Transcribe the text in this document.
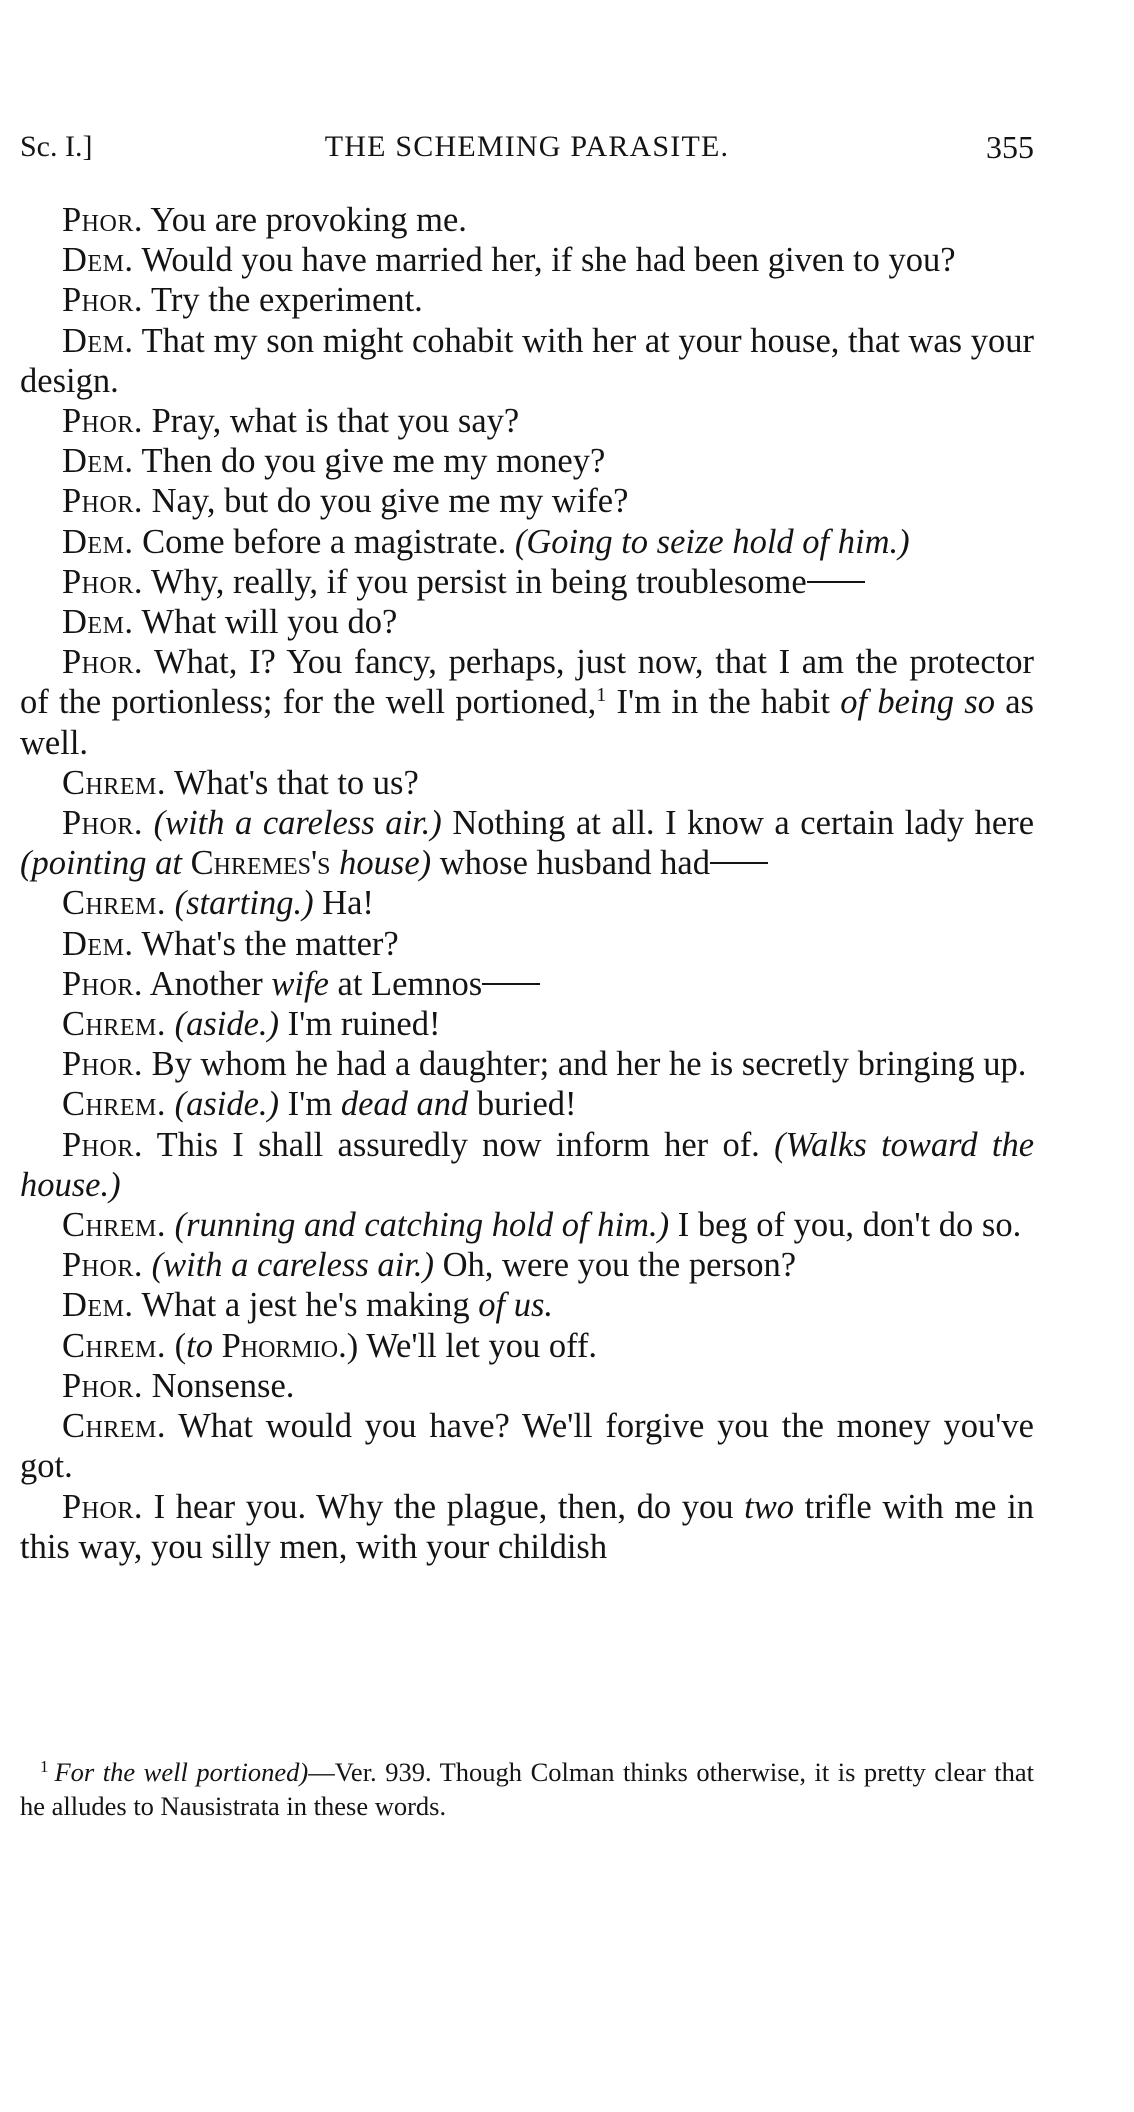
Sc. I.]	THE SCHEMING PARASITE.	355

Phor. You are provoking me.

Dem. Would you have married her, if she had been given to you?

Phor. Try the experiment.

Dem. That my son might cohabit with her at your house, that was your design.

Phor. Pray, what is that you say?

Dem. Then do you give me my money?

Phor. Nay, but do you give me my wife?

Dem. Come before a magistrate. (Going to seize hold of him.)

Phor. Why, really, if you persist in being troublesome

Dem. What will you do?

Phor. What, I? You fancy, perhaps, just now, that I am the protector of the portionless; for the well portioned,$^1$ I'm in the habit of being so as well.

Chrem. What's that to us?

Phor. (with a careless air.) Nothing at all. I know a certain lady here (pointing at Chremes's house) whose husband had

Chrem. (starting.) Ha!

Dem. What's the matter?

Phor. Another wife at Lemnos

Chrem. (aside.) I'm ruined!

Phor. By whom he had a daughter; and her he is secretly bringing up.

Chrem. (aside.) I'm dead and buried!

Phor. This I shall assuredly now inform her of. (Walks toward the house.)

Chrem. (running and catching hold of him.) I beg of you, don't do so.

Phor. (with a careless air.) Oh, were you the person?

Dem. What a jest he's making of us.

Chrem. (to Phormio.) We'll let you off.

Phor. Nonsense.

Chrem. What would you have? We'll forgive you the money you've got.

Phor. I hear you. Why the plague, then, do you two trifle with me in this way, you silly men, with your childish

$^1$ For the well portioned)—Ver. 939. Though Colman thinks otherwise, it is pretty clear that he alludes to Nausistrata in these words.
